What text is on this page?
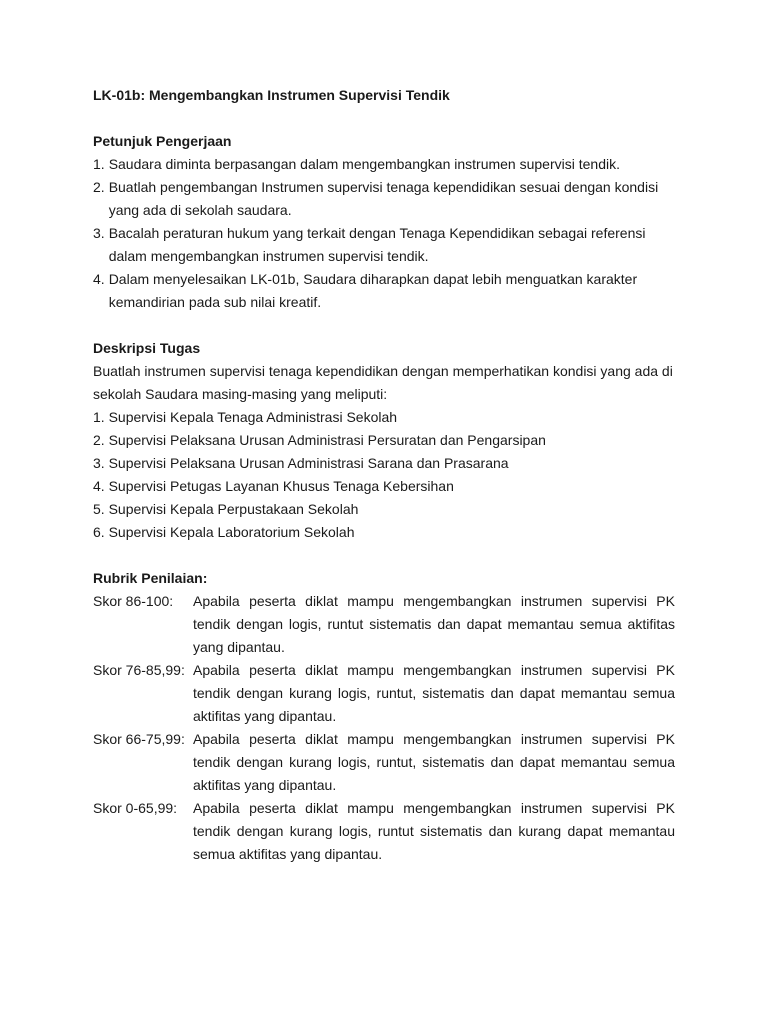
LK-01b: Mengembangkan Instrumen Supervisi Tendik
Petunjuk Pengerjaan
1. Saudara diminta berpasangan dalam mengembangkan instrumen supervisi tendik.
2. Buatlah pengembangan Instrumen supervisi tenaga kependidikan sesuai dengan kondisi yang ada di sekolah saudara.
3. Bacalah peraturan hukum yang terkait dengan Tenaga Kependidikan sebagai referensi dalam mengembangkan instrumen supervisi tendik.
4. Dalam menyelesaikan LK-01b, Saudara diharapkan dapat lebih menguatkan karakter kemandirian pada sub nilai kreatif.
Deskripsi Tugas

Buatlah instrumen supervisi tenaga kependidikan dengan memperhatikan kondisi yang ada di sekolah Saudara masing-masing yang meliputi:

1. Supervisi Kepala Tenaga Administrasi Sekolah
2. Supervisi Pelaksana Urusan Administrasi Persuratan dan Pengarsipan
3. Supervisi Pelaksana Urusan Administrasi Sarana dan Prasarana
4. Supervisi Petugas Layanan Khusus Tenaga Kebersihan
5. Supervisi Kepala Perpustakaan Sekolah
6. Supervisi Kepala Laboratorium Sekolah
Rubrik Penilaian:
Skor 86-100:	Apabila peserta diklat mampu mengembangkan instrumen supervisi PK tendik dengan logis, runtut sistematis dan dapat memantau semua aktifitas yang dipantau.
Skor 76-85,99: Apabila peserta diklat mampu mengembangkan instrumen supervisi PK tendik dengan kurang logis, runtut, sistematis dan dapat memantau semua aktifitas yang dipantau.
Skor 66-75,99: Apabila peserta diklat mampu mengembangkan instrumen supervisi PK tendik dengan kurang logis, runtut, sistematis dan dapat memantau semua aktifitas yang dipantau.
Skor 0-65,99:	Apabila peserta diklat mampu mengembangkan instrumen supervisi PK tendik dengan kurang logis, runtut sistematis dan kurang dapat memantau semua aktifitas yang dipantau.
